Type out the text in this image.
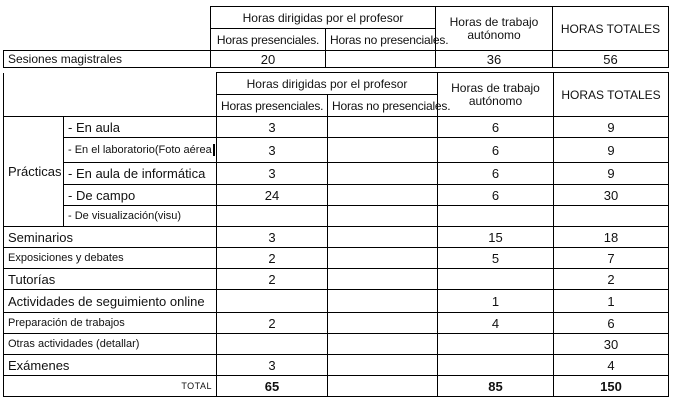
	Horas dirigidas por el profesor		Horas de trabajo
autónomo	HORAS TOTALES
	Horas presenciales.	Horas no presenciales.		
Sesiones magistrales	20		36	56
		Horas dirigidas por el profesor		Horas de trabajo
autónomo	HORAS TOTALES
		Horas presenciales.	Horas no presenciales.		
Prácticas	- En aula	3		6	9
	- En el laboratorio(Foto aérea	3		6	9
	- En aula de informática	3		6	9
	- De campo	24		6	30
	- De visualización(visu)				
Seminarios		3		15	18
Exposiciones y debates		2		5	7
Tutorías		2			2
Actividades de seguimiento online				1	1
Preparación de trabajos		2		4	6
Otras actividades (detallar)					30
Exámenes		3			4
TOTAL		65		85	150
